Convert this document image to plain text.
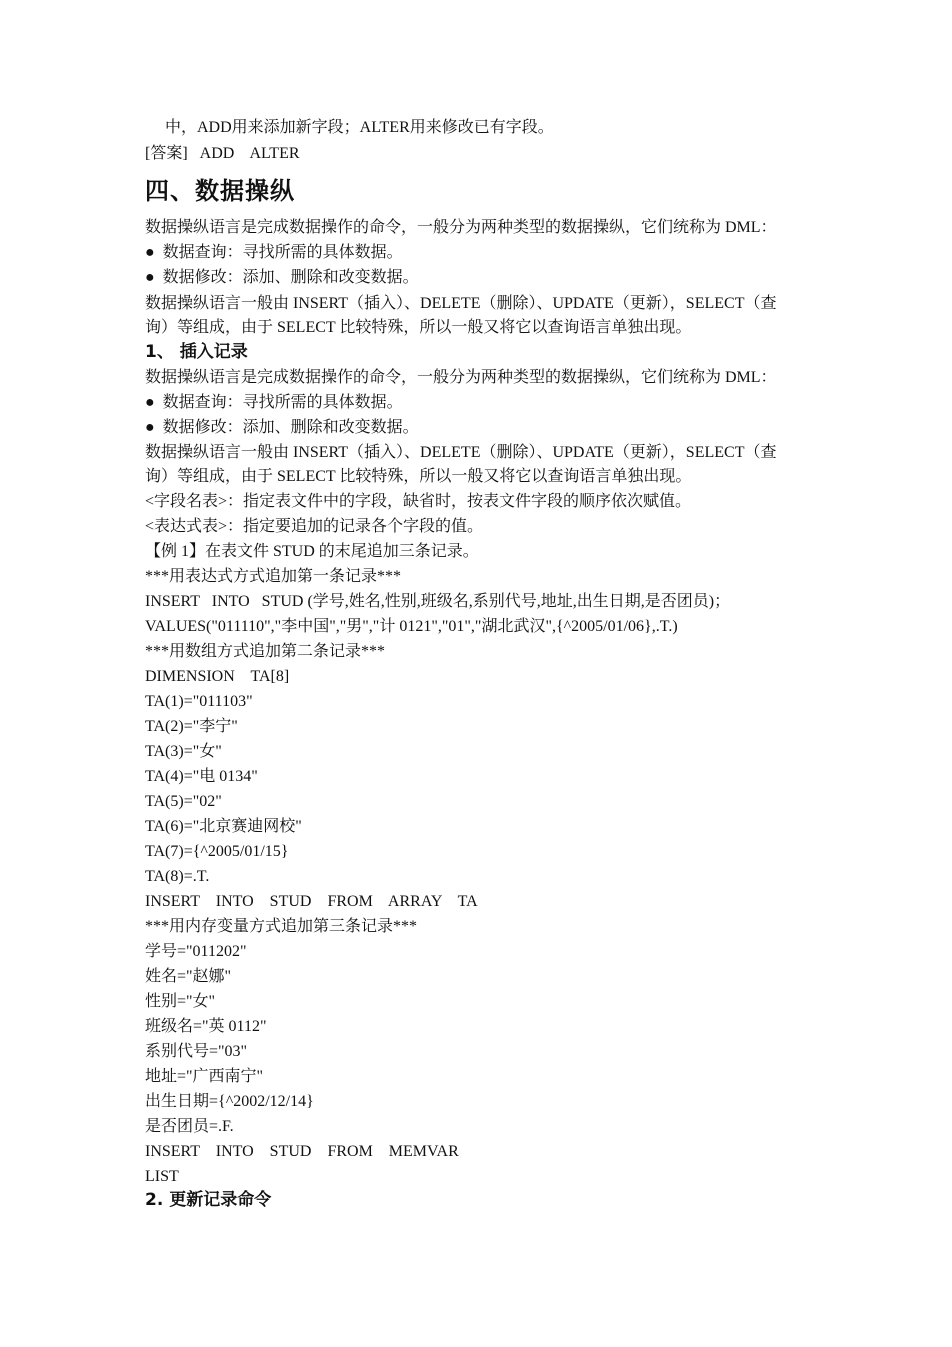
中，ADD用来添加新字段；ALTER用来修改已有字段。

[答案]   ADD    ALTER

四、数据操纵

数据操纵语言是完成数据操作的命令，一般分为两种类型的数据操纵，它们统称为 DML：

●  数据查询：寻找所需的具体数据。

●  数据修改：添加、删除和改变数据。

数据操纵语言一般由 INSERT（插入）、DELETE（删除）、UPDATE（更新），SELECT（查

询）等组成，由于 SELECT 比较特殊，所以一般又将它以查询语言单独出现。

1、 插入记录

数据操纵语言是完成数据操作的命令，一般分为两种类型的数据操纵，它们统称为 DML：

●  数据查询：寻找所需的具体数据。

●  数据修改：添加、删除和改变数据。

数据操纵语言一般由 INSERT（插入）、DELETE（删除）、UPDATE（更新），SELECT（查

询）等组成，由于 SELECT 比较特殊，所以一般又将它以查询语言单独出现。

<字段名表>：指定表文件中的字段，缺省时，按表文件字段的顺序依次赋值。

<表达式表>：指定要追加的记录各个字段的值。

【例 1】在表文件 STUD 的末尾追加三条记录。

***用表达式方式追加第一条记录***

INSERT   INTO   STUD (学号,姓名,性别,班级名,系别代号,地址,出生日期,是否团员)；

VALUES("011110","李中国","男","计 0121","01","湖北武汉",{^2005/01/06},.T.)

***用数组方式追加第二条记录***

DIMENSION    TA[8]

TA(1)="011103"

TA(2)="李宁"

TA(3)="女"

TA(4)="电 0134"

TA(5)="02"

TA(6)="北京赛迪网校"

TA(7)={^2005/01/15}

TA(8)=.T.

INSERT    INTO    STUD    FROM    ARRAY    TA

***用内存变量方式追加第三条记录***

学号="011202"

姓名="赵娜"

性别="女"

班级名="英 0112"

系别代号="03"

地址="广西南宁"

出生日期={^2002/12/14}

是否团员=.F.

INSERT    INTO    STUD    FROM    MEMVAR

LIST

2. 更新记录命令
